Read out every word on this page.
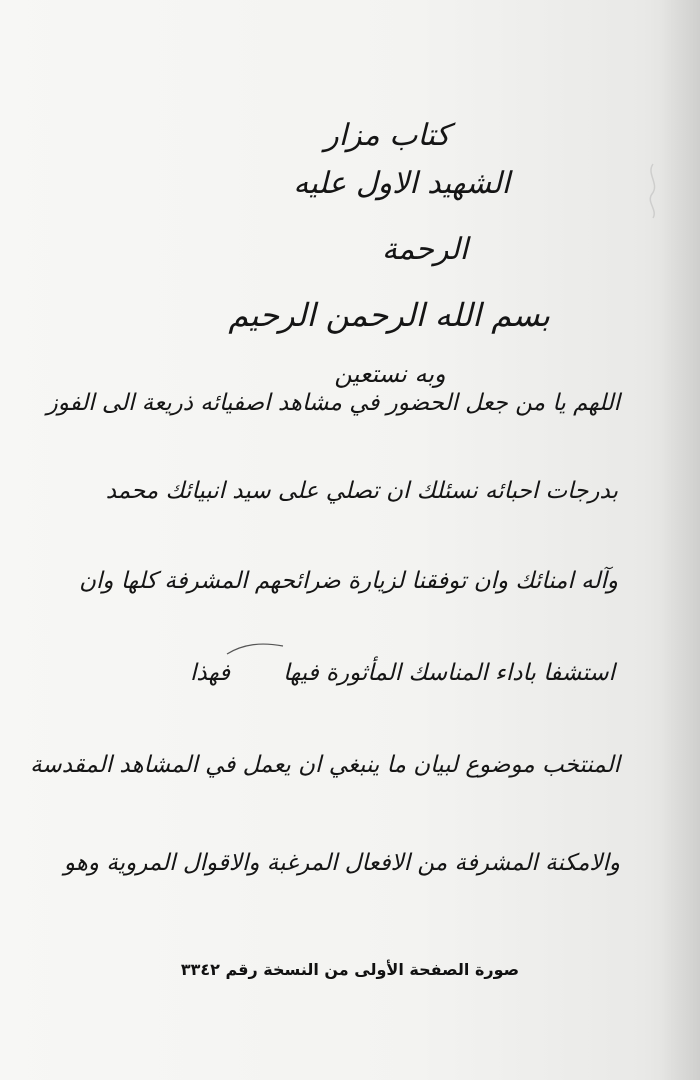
كتاب مزار
الشهيد الاول عليه
الرحمة
بسم الله الرحمن الرحيم
وبه نستعين
اللهم يا من جعل الحضور في مشاهد اصفيائه ذريعة الى الفوز
بدرجات احبائه نسئلك ان تصلي على سيد انبيائك محمد
وآله امنائك وان توفقنا لزيارة ضرائحهم المشرفة كلها وان
استشفا باداء المناسك المأثورة فيها
فهذا
المنتخب موضوع لبيان ما ينبغي ان يعمل في المشاهد المقدسة
والامكنة المشرفة من الافعال المرغبة والاقوال المروية وهو
صورة الصفحة الأولى من النسخة رقم ٣٣٤٢
